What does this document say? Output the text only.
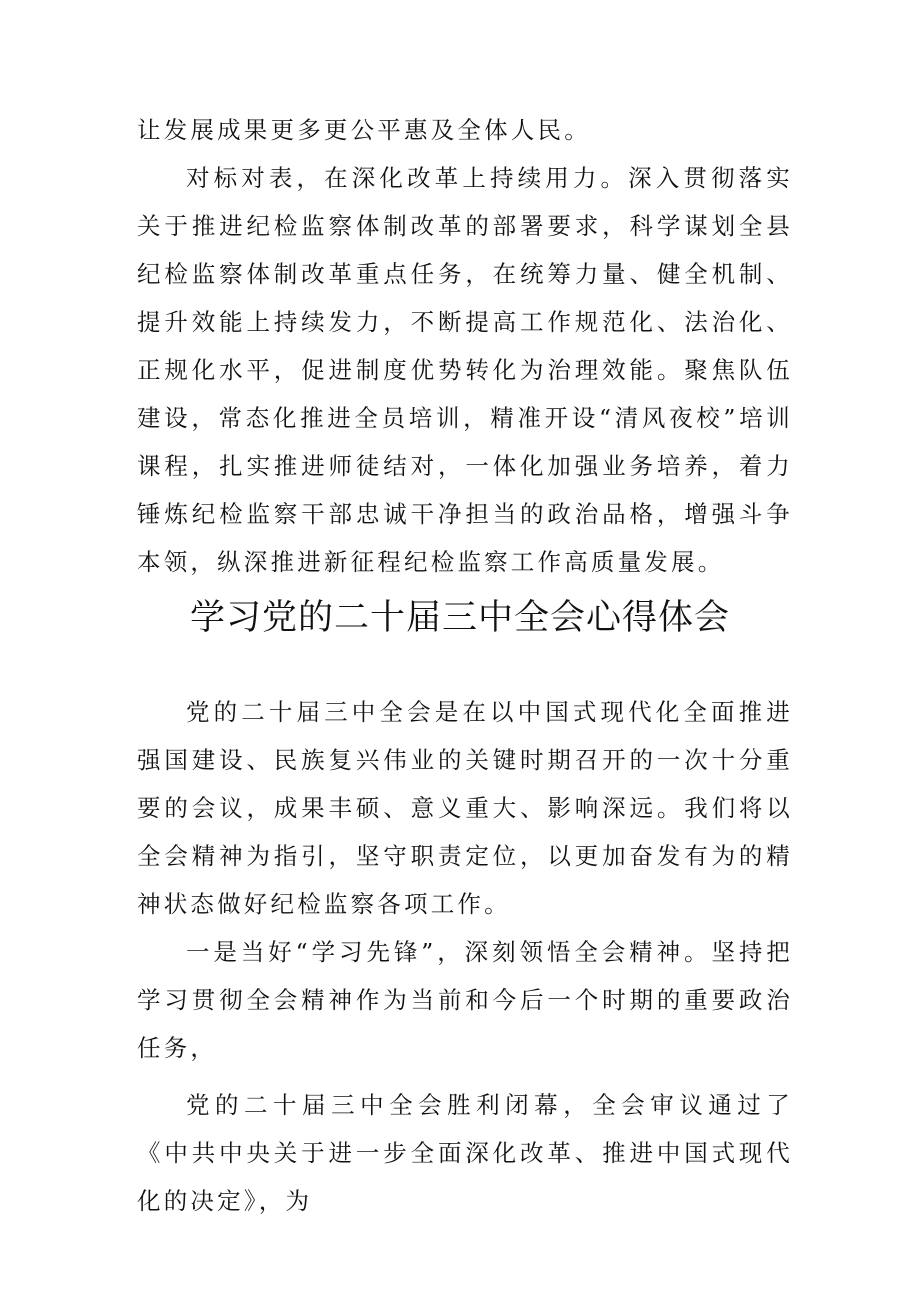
让发展成果更多更公平惠及全体人民。

对标对表，在深化改革上持续用力。深入贯彻落实关于推进纪检监察体制改革的部署要求，科学谋划全县纪检监察体制改革重点任务，在统筹力量、健全机制、提升效能上持续发力，不断提高工作规范化、法治化、正规化水平，促进制度优势转化为治理效能。聚焦队伍建设，常态化推进全员培训，精准开设“清风夜校”培训课程，扎实推进师徒结对，一体化加强业务培养，着力锤炼纪检监察干部忠诚干净担当的政治品格，增强斗争本领，纵深推进新征程纪检监察工作高质量发展。

学习党的二十届三中全会心得体会

党的二十届三中全会是在以中国式现代化全面推进强国建设、民族复兴伟业的关键时期召开的一次十分重要的会议，成果丰硕、意义重大、影响深远。我们将以全会精神为指引，坚守职责定位，以更加奋发有为的精神状态做好纪检监察各项工作。

一是当好“学习先锋”，深刻领悟全会精神。坚持把学习贯彻全会精神作为当前和今后一个时期的重要政治任务，

党的二十届三中全会胜利闭幕，全会审议通过了《中共中央关于进一步全面深化改革、推进中国式现代化的决定》，为
